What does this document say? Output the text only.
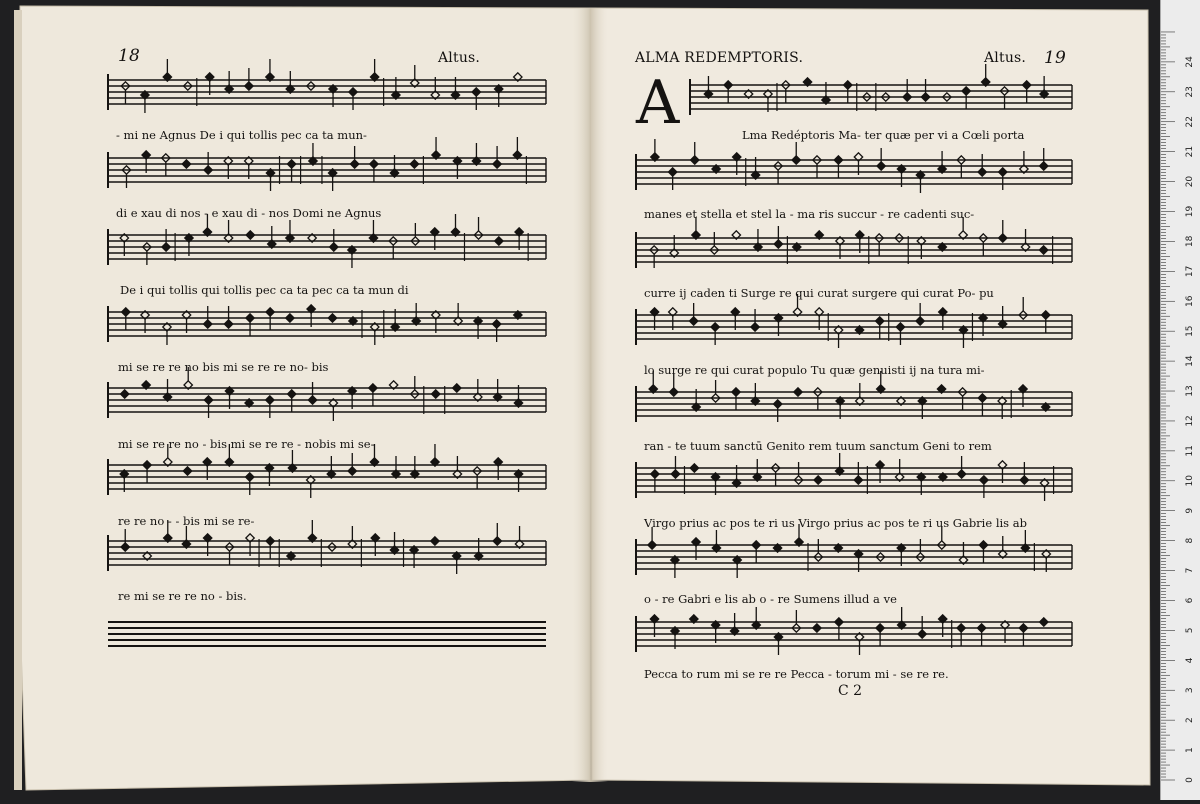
18	Altus.	ALMA REDEMPTORIS.	Altus. 19
A
- mi ne Agnus De i qui tollis pec ca ta mun-
di e xau di nos - e xau di - nos Domi ne Agnus
De i qui tollis qui tollis pec ca ta pec ca ta mun di
mi se re re no bis mi se re re no- bis
mi se re re no - bis mi se re re - nobis mi se-
re re no - - bis mi se re-
re mi se re re no - bis.
Lma Redéptoris Ma- ter quæ per vi a Cœli porta
manes et stella et stel la - ma ris succur - re cadenti suc-
curre ij caden ti Surge re qui curat surgere qui curat Po- pu
lo surge re qui curat populo Tu quæ genuisti ij na tura mi-
ran - te tuum sanctū Genito rem tuum sanctum Geni to rem
Virgo prius ac pos te ri us Virgo prius ac pos te ri us Gabrie lis ab
o - re Gabri e lis ab o - re Sumens illud a ve
Pecca to rum mi se re re Pecca - torum mi - se re re.
C 2
0
1
2
3
4
5
6
7
8
9
10
11
12
13
14
15
16
17
18
19
20
21
22
23
24
